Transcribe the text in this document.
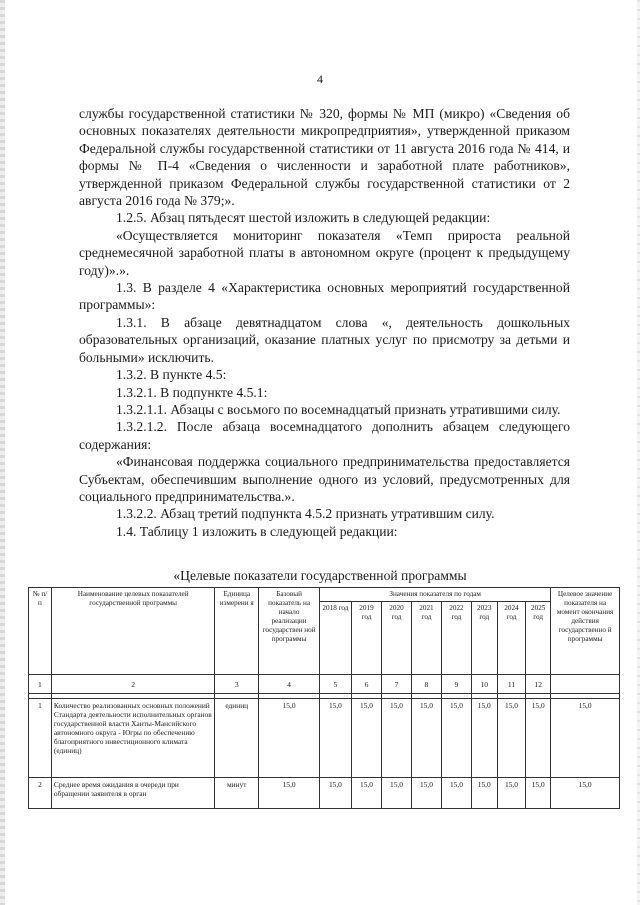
4

службы государственной статистики № 320, формы № МП (микро) «Сведения об основных показателях деятельности микропредприятия», утвержденной приказом Федеральной службы государственной статистики от 11 августа 2016 года № 414, и формы № П-4 «Сведения о численности и заработной плате работников», утвержденной приказом Федеральной службы государственной статистики от 2 августа 2016 года № 379;».

1.2.5. Абзац пятьдесят шестой изложить в следующей редакции:

«Осуществляется мониторинг показателя «Темп прироста реальной среднемесячной заработной платы в автономном округе (процент к предыдущему году)».».

1.3. В разделе 4 «Характеристика основных мероприятий государственной программы»:

1.3.1. В абзаце девятнадцатом слова «, деятельность дошкольных образовательных организаций, оказание платных услуг по присмотру за детьми и больными» исключить.

1.3.2. В пункте 4.5:

1.3.2.1. В подпункте 4.5.1:

1.3.2.1.1. Абзацы с восьмого по восемнадцатый признать утратившими силу.

1.3.2.1.2. После абзаца восемнадцатого дополнить абзацем следующего содержания:

«Финансовая поддержка социального предпринимательства предоставляется Субъектам, обеспечившим выполнение одного из условий, предусмотренных для социального предпринимательства.».

1.3.2.2. Абзац третий подпункта 4.5.2 признать утратившим силу.

1.4. Таблицу 1 изложить в следующей редакции:

«Целевые показатели государственной программы
№ п/п	Наименование целевых показателей государственной программы	Единица измерени я	Базовый показатель на начало реализации государствен ной программы	Значения показателя по годам								Целевое значение показателя на момент окончания действия государственно й программы
				2018 год	2019 год	2020 год	2021 год	2022 год	2023 год	2024 год	2025 год	
1	2	3	4	5	6	7	8	9	10	11	12	

1	Количество реализованных основных положений Стандарта деятельности исполнительных органов государственной власти Ханты-Мансийского автономного округа - Югры по обеспечению благоприятного инвестиционного климата (единиц)	единиц	15,0	15,0	15,0	15,0	15,0	15,0	15,0	15,0	15,0	15,0
2	Среднее время ожидания в очереди при обращении заявителя в орган	минут	15,0	15,0	15,0	15,0	15,0	15,0	15,0	15,0	15,0	15,0
